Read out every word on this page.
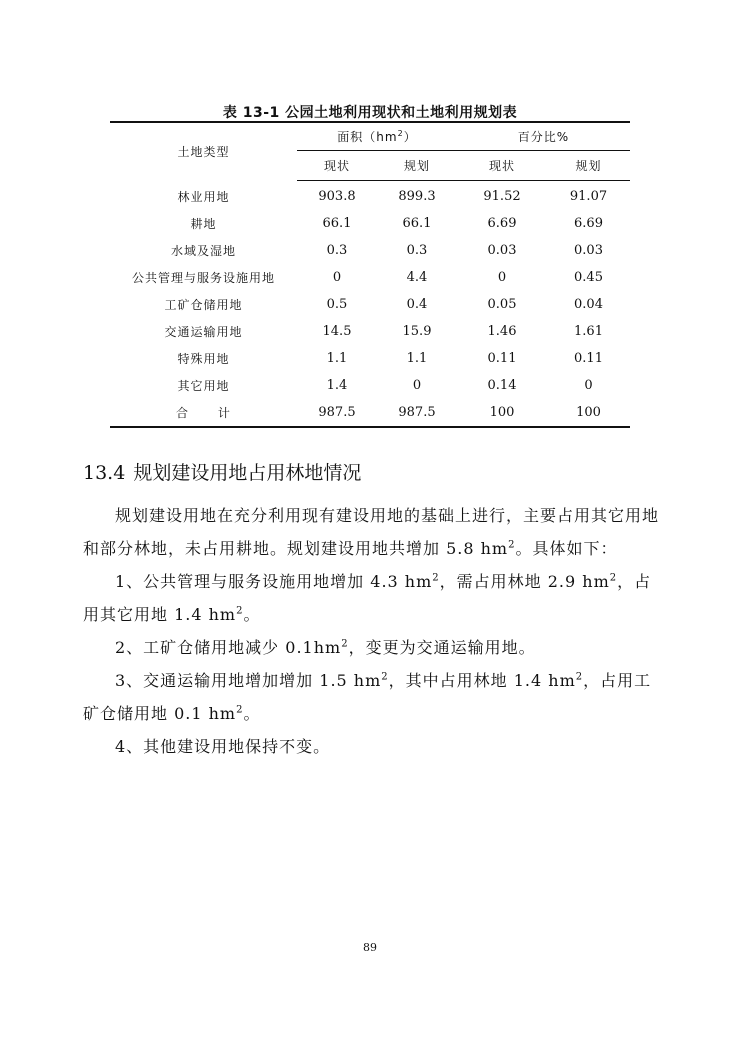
表 13-1 公园土地利用现状和土地利用规划表
土地类型	面积$(hm^2)$		百分比%	
	现状	规划	现状	规划
林业用地	903.8	899.3	91.52	91.07
耕地	66.1	66.1	6.69	6.69
水域及湿地	0.3	0.3	0.03	0.03
公共管理与服务设施用地	0	4.4	0	0.45
工矿仓储用地	0.5	0.4	0.05	0.04
交通运输用地	14.5	15.9	1.46	1.61
特殊用地	1.1	1.1	0.11	0.11
其它用地	1.4	0	0.14	0
合      计	987.5	987.5	100	100
13.4 规划建设用地占用林地情况
规划建设用地在充分利用现有建设用地的基础上进行，主要占用其它用地和部分林地，未占用耕地。规划建设用地共增加 5.8 $hm^2$。具体如下：
1、公共管理与服务设施用地增加 4.3 $hm^2$，需占用林地 2.9 $hm^2$，占用其它用地 1.4 $hm^2$。
2、工矿仓储用地减少 $0.1hm^2$，变更为交通运输用地。
3、交通运输用地增加增加 1.5 $hm^2$，其中占用林地 1.4 $hm^2$，占用工矿仓储用地 0.1 $hm^2$。
4、其他建设用地保持不变。
89
